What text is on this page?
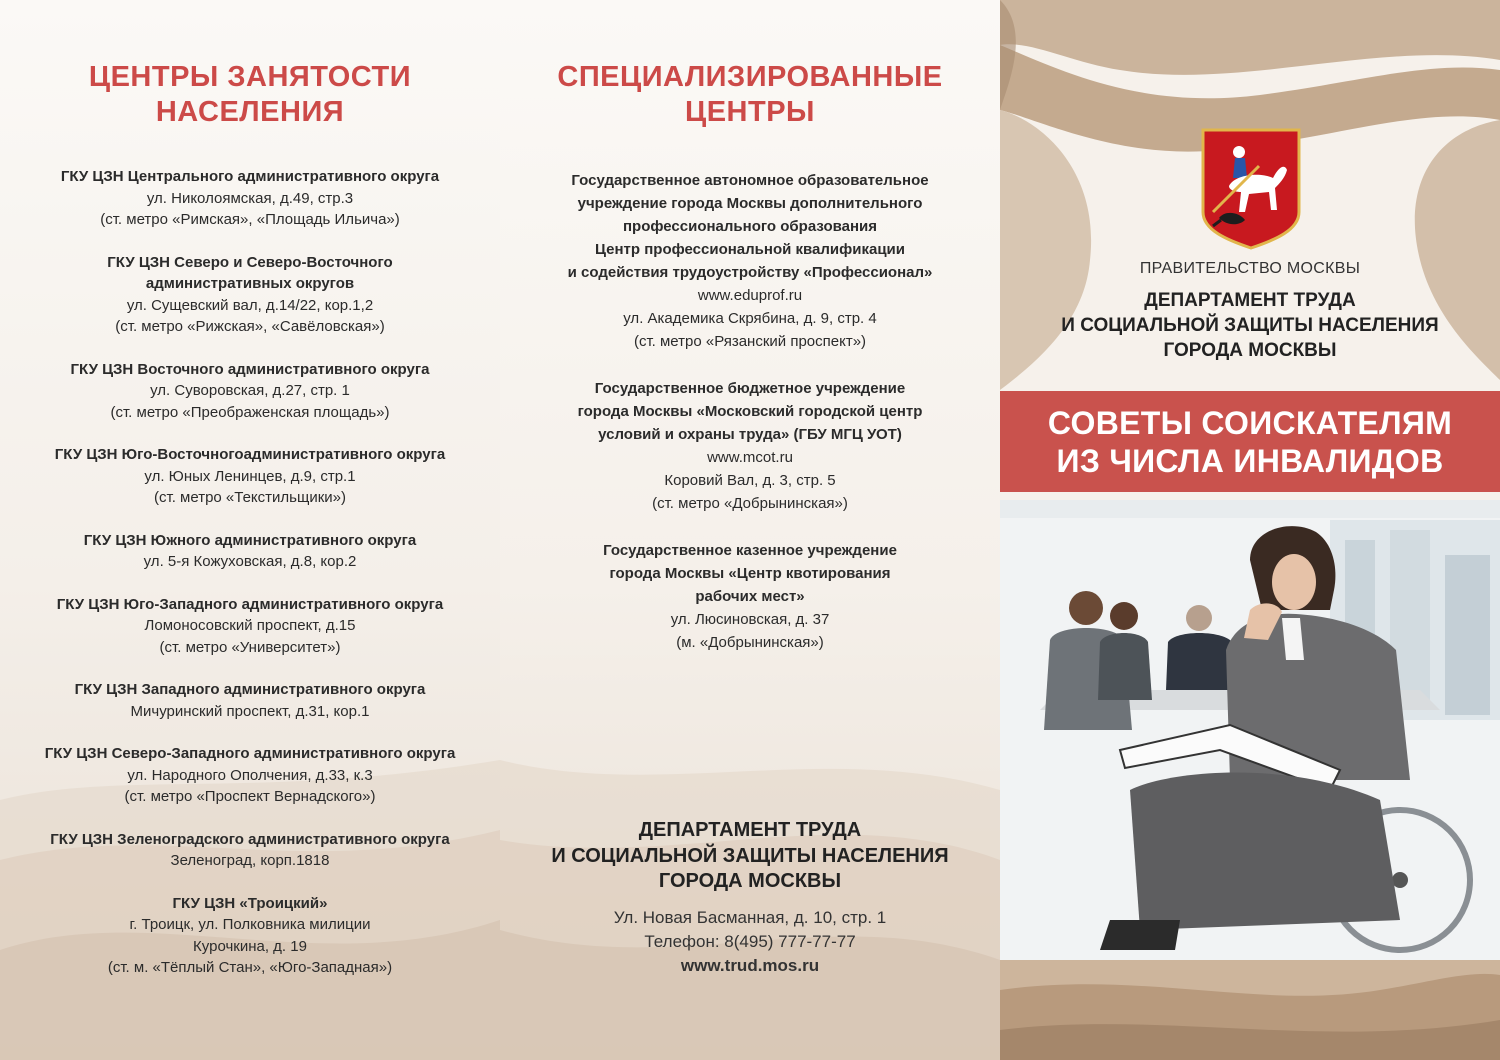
ЦЕНТРЫ ЗАНЯТОСТИ
НАСЕЛЕНИЯ
ГКУ ЦЗН Центрального административного округа
ул. Николоямская, д.49, стр.3
(ст. метро «Римская», «Площадь Ильича»)
ГКУ ЦЗН Северо и Северо-Восточного
административных округов
ул. Сущевский вал, д.14/22, кор.1,2
(ст. метро «Рижская», «Савёловская»)
ГКУ ЦЗН Восточного административного округа
ул. Суворовская, д.27, стр. 1
(ст. метро «Преображенская площадь»)
ГКУ ЦЗН Юго-Восточногоадминистративного округа
ул. Юных Ленинцев, д.9, стр.1
(ст. метро «Текстильщики»)
ГКУ ЦЗН Южного административного округа
ул. 5-я Кожуховская, д.8, кор.2
ГКУ ЦЗН Юго-Западного административного округа
Ломоносовский проспект, д.15
(ст. метро «Университет»)
ГКУ ЦЗН Западного административного округа
Мичуринский проспект, д.31, кор.1
ГКУ ЦЗН Северо-Западного административного округа
ул. Народного Ополчения, д.33, к.3
(ст. метро «Проспект Вернадского»)
ГКУ ЦЗН Зеленоградского административного округа
Зеленоград, корп.1818
ГКУ ЦЗН «Троицкий»
г. Троицк, ул. Полковника милиции
Курочкина, д. 19
(ст. м. «Тёплый Стан», «Юго-Западная»)
СПЕЦИАЛИЗИРОВАННЫЕ
ЦЕНТРЫ
Государственное автономное образовательное
учреждение города Москвы дополнительного
профессионального образования
Центр профессиональной квалификации
и содействия трудоустройству «Профессионал»
www.eduprof.ru
ул. Академика Скрябина, д. 9, стр. 4
(ст. метро «Рязанский проспект»)
Государственное бюджетное учреждение
города Москвы «Московский городской центр
условий и охраны труда» (ГБУ МГЦ УОТ)
www.mcot.ru
Коровий Вал, д. 3, стр. 5
(ст. метро «Добрынинская»)
Государственное казенное учреждение
города Москвы «Центр квотирования
рабочих мест»
ул. Люсиновская, д. 37
(м. «Добрынинская»)
ДЕПАРТАМЕНТ ТРУДА
И СОЦИАЛЬНОЙ ЗАЩИТЫ НАСЕЛЕНИЯ
ГОРОДА МОСКВЫ
Ул. Новая Басманная, д. 10, стр. 1
Телефон: 8(495) 777-77-77
www.trud.mos.ru
ПРАВИТЕЛЬСТВО МОСКВЫ
ДЕПАРТАМЕНТ ТРУДА
И СОЦИАЛЬНОЙ ЗАЩИТЫ НАСЕЛЕНИЯ
ГОРОДА МОСКВЫ
СОВЕТЫ СОИСКАТЕЛЯМ
ИЗ ЧИСЛА ИНВАЛИДОВ
